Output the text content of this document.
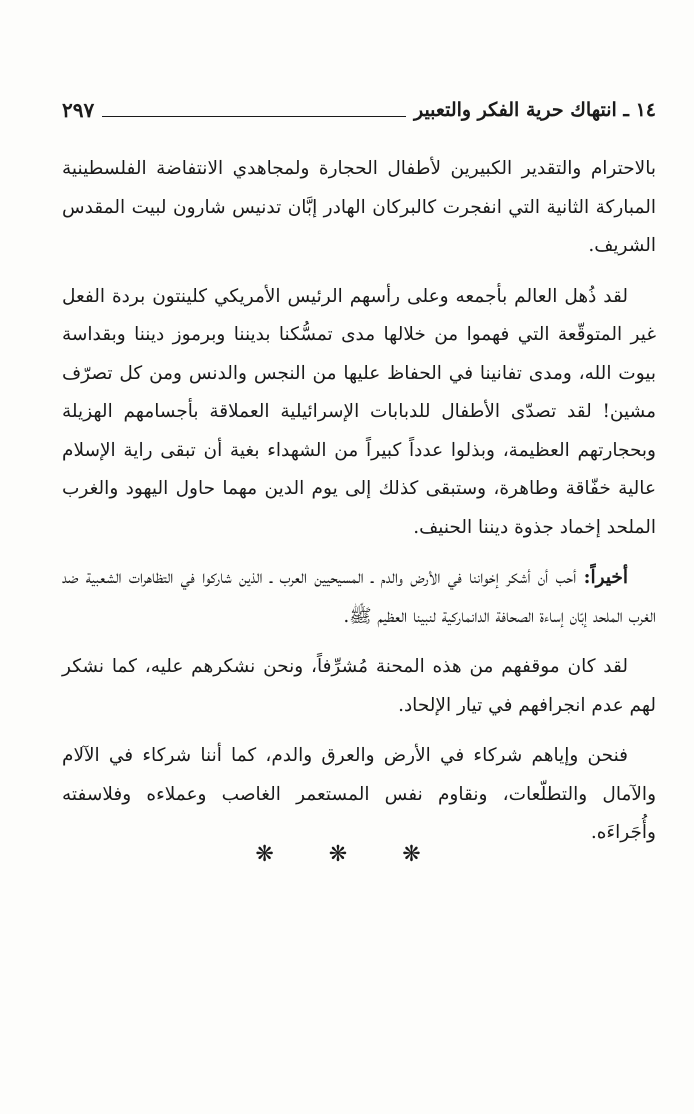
١٤ ـ انتهاك حرية الفكر والتعبير
٢٩٧

بالاحترام والتقدير الكبيرين لأطفال الحجارة ولمجاهدي الانتفاضة الفلسطينية المباركة الثانية التي انفجرت كالبركان الهادر إبَّان تدنيس شارون لبيت المقدس الشريف.

لقد ذُهل العالم بأجمعه وعلى رأسهم الرئيس الأمريكي كلينتون بردة الفعل غير المتوقّعة التي فهموا من خلالها مدى تمسُّكنا بديننا وبرموز ديننا وبقداسة بيوت الله، ومدى تفانينا في الحفاظ عليها من النجس والدنس ومن كل تصرّف مشين! لقد تصدّى الأطفال للدبابات الإسرائيلية العملاقة بأجسامهم الهزيلة وبحجارتهم العظيمة، وبذلوا عدداً كبيراً من الشهداء بغية أن تبقى راية الإسلام عالية خفّاقة وطاهرة، وستبقى كذلك إلى يوم الدين مهما حاول اليهود والغرب الملحد إخماد جذوة ديننا الحنيف.

أخيراً: أحب أن أشكر إخواننا في الأرض والدم ـ المسيحيين العرب ـ الذين شاركوا في التظاهرات الشعبية ضد الغرب الملحد إبّان إساءة الصحافة الدانماركية لنبينا العظيم ﷺ.

لقد كان موقفهم من هذه المحنة مُشرِّفاً، ونحن نشكرهم عليه، كما نشكر لهم عدم انجرافهم في تيار الإلحاد.

فنحن وإياهم شركاء في الأرض والعرق والدم، كما أننا شركاء في الآلام والآمال والتطلّعات، ونقاوم نفس المستعمر الغاصب وعملاءه وفلاسفته وأُجَراءَه.

❋ ❋ ❋
